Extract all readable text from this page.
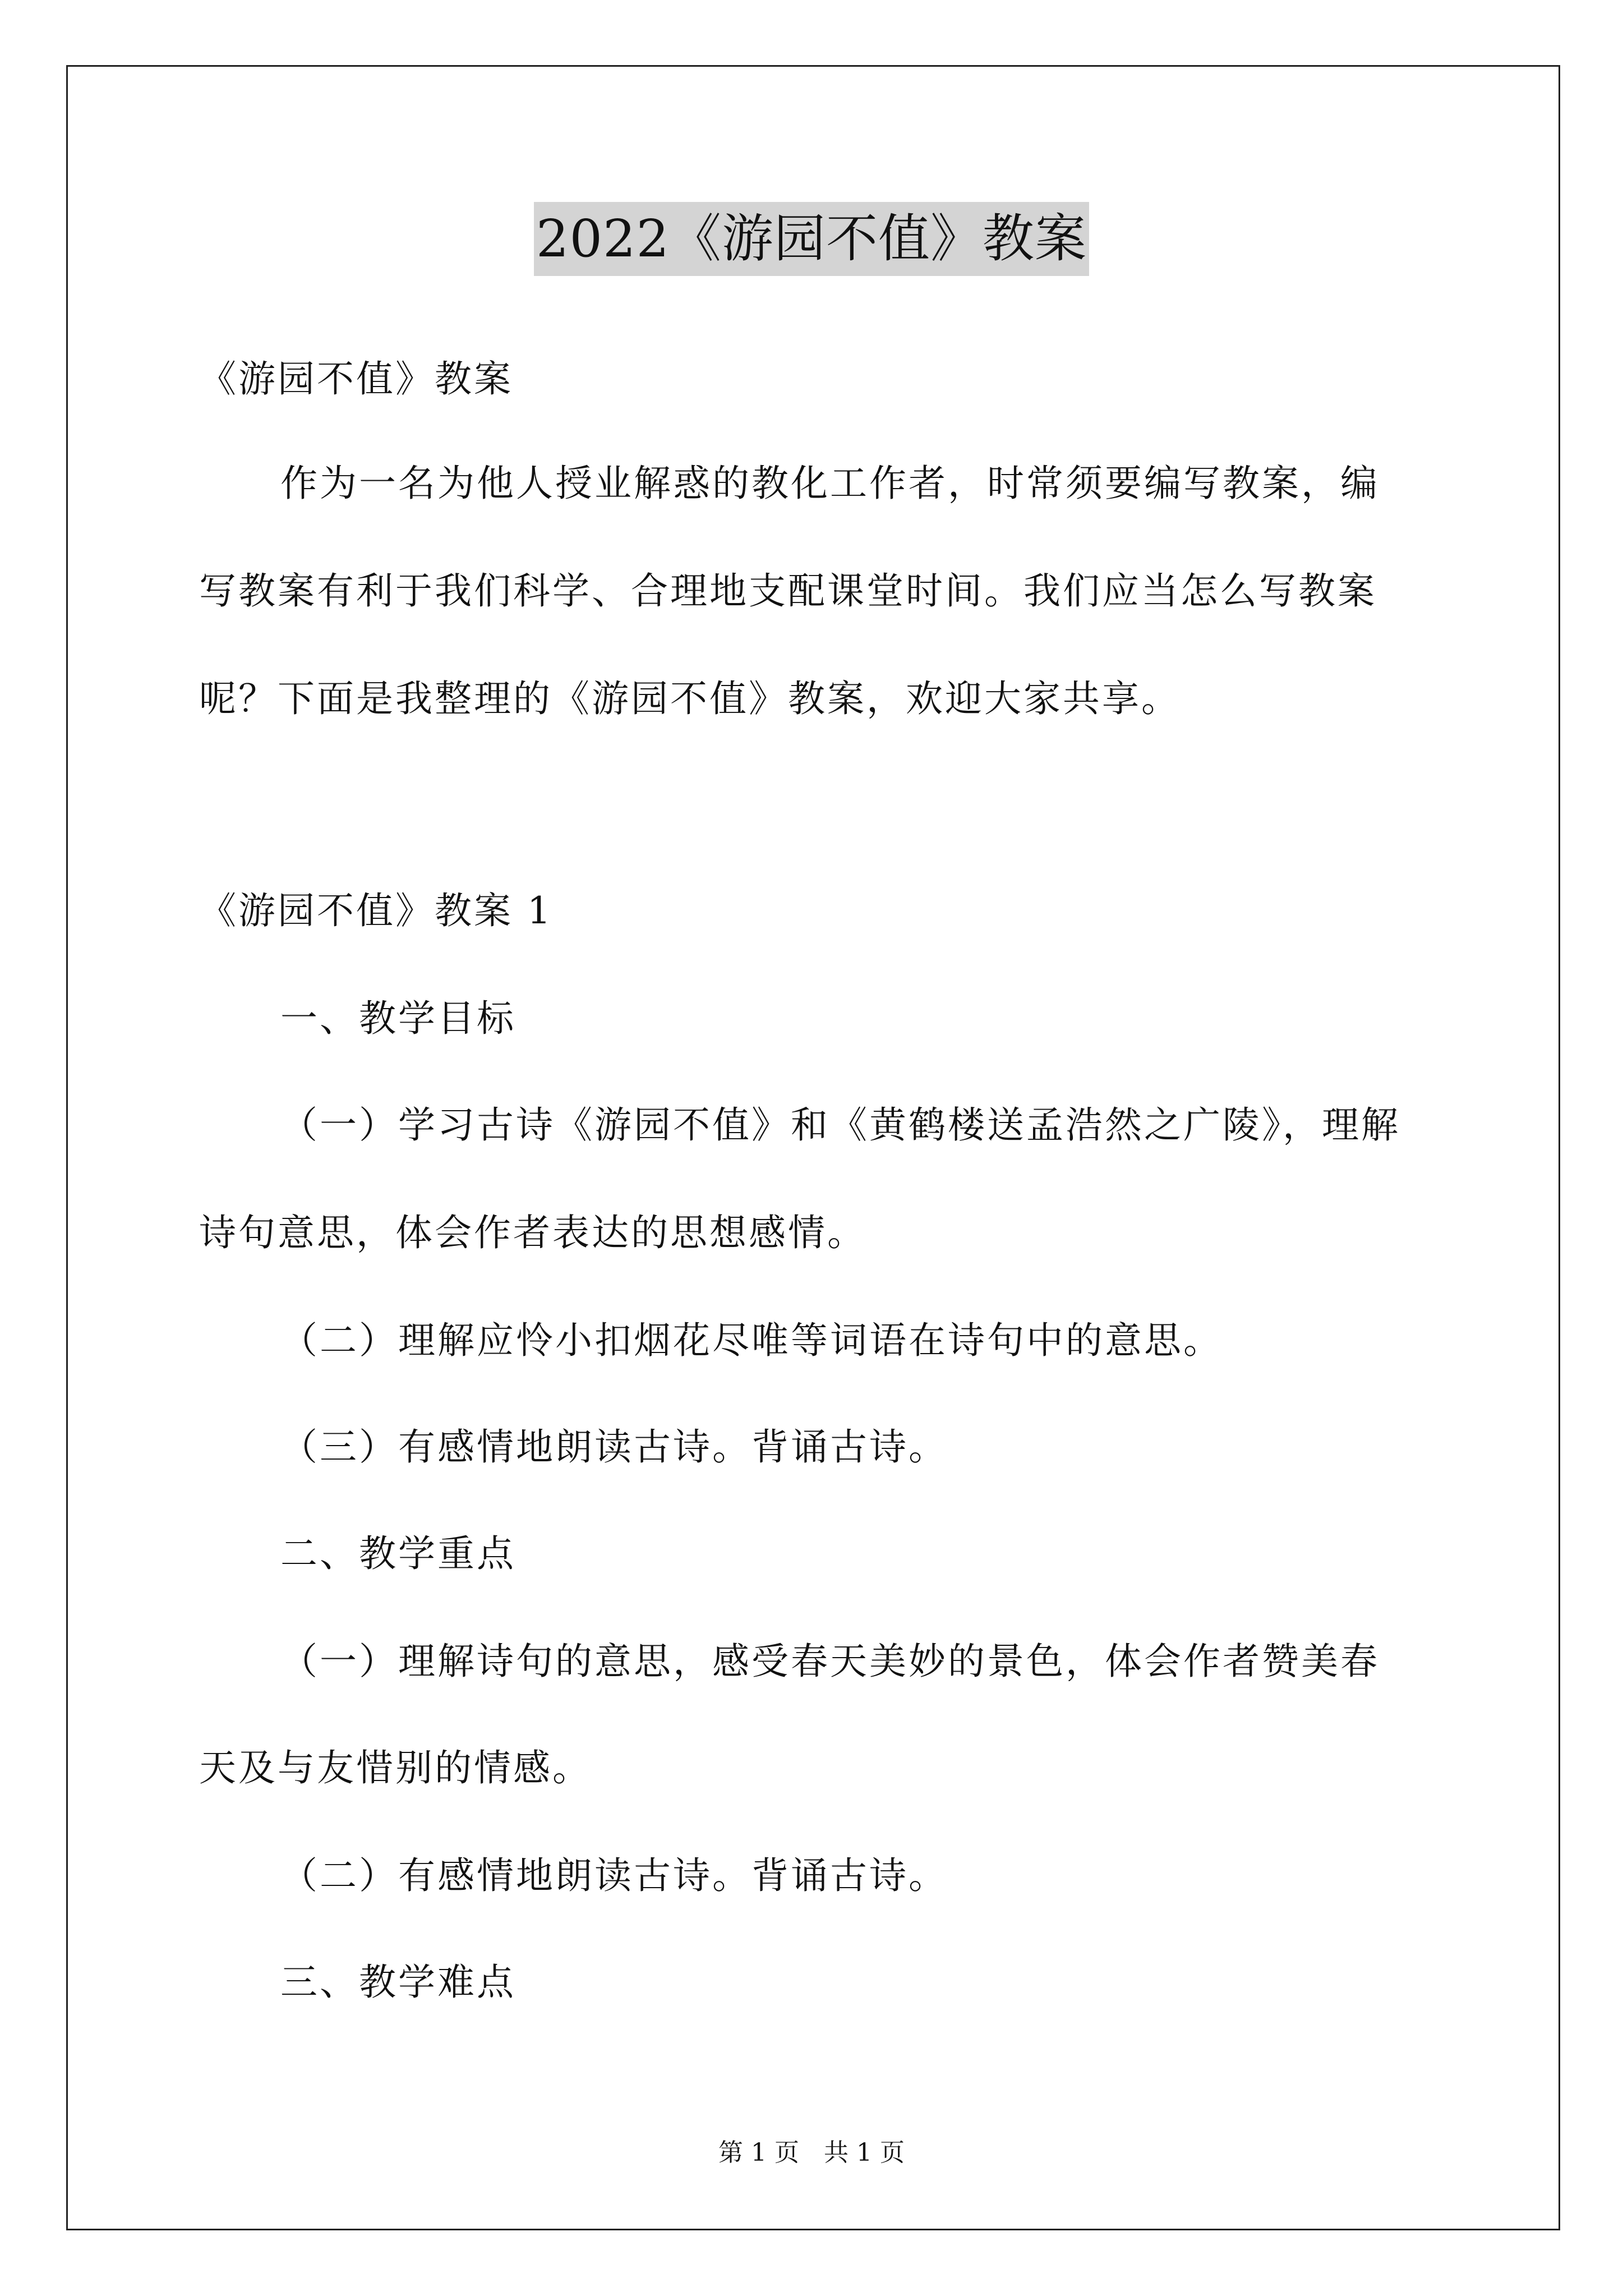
2022《游园不值》教案
《游园不值》教案
作为一名为他人授业解惑的教化工作者，时常须要编写教案，编
写教案有利于我们科学、合理地支配课堂时间。我们应当怎么写教案
呢？下面是我整理的《游园不值》教案，欢迎大家共享。
《游园不值》教案 1
一、教学目标
（一）学习古诗《游园不值》和《黄鹤楼送孟浩然之广陵》，理解
诗句意思，体会作者表达的思想感情。
（二）理解应怜小扣烟花尽唯等词语在诗句中的意思。
（三）有感情地朗读古诗。背诵古诗。
二、教学重点
（一）理解诗句的意思，感受春天美妙的景色，体会作者赞美春
天及与友惜别的情感。
（二）有感情地朗读古诗。背诵古诗。
三、教学难点
第 1 页　共 1 页
